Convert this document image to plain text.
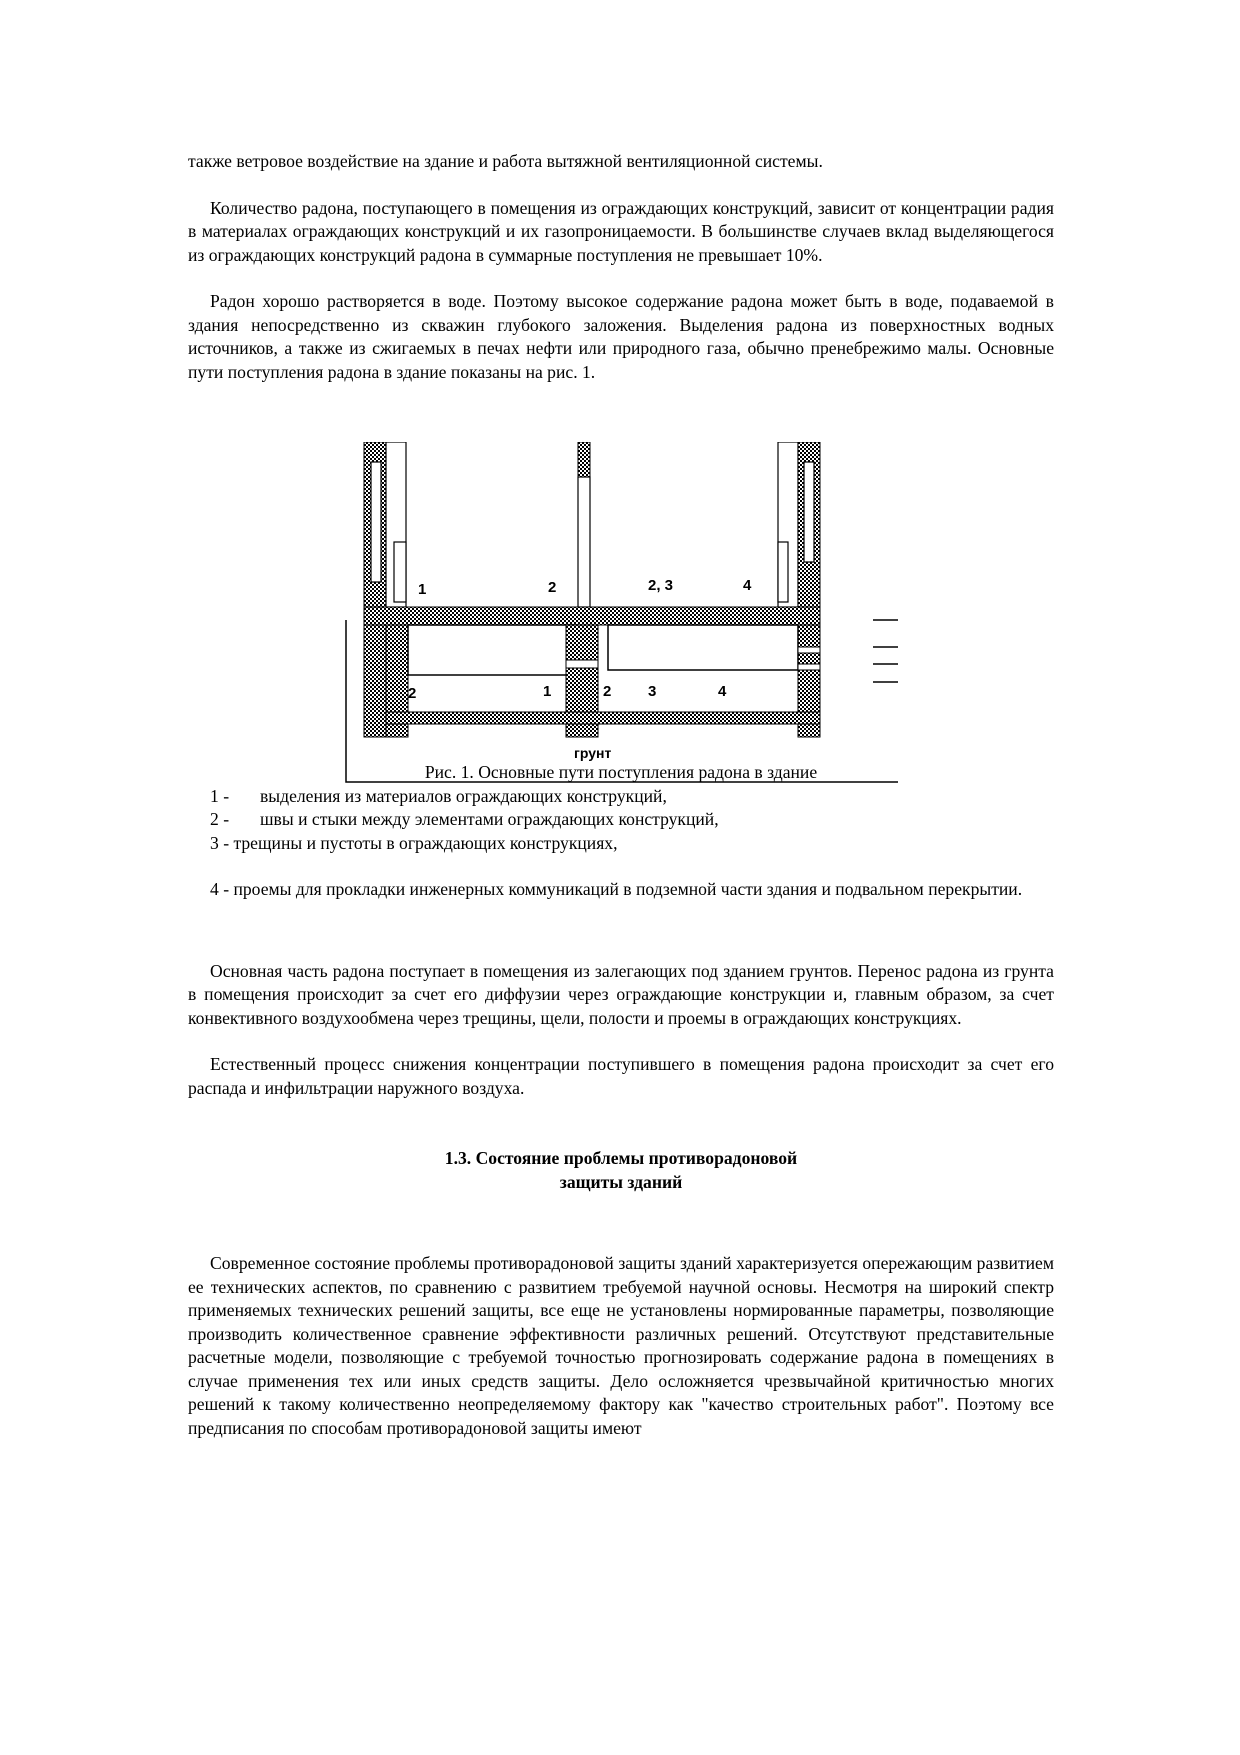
также ветровое воздействие на здание и работа вытяжной вентиляционной системы.

Количество радона, поступающего в помещения из ограждающих конструкций, зависит от концентрации радия в материалах ограждающих конструкций и их газопроницаемости. В большинстве случаев вклад выделяющегося из ограждающих конструкций радона в суммарные поступления не превышает 10%.

Радон хорошо растворяется в воде. Поэтому высокое содержание радона может быть в воде, подаваемой в здания непосредственно из скважин глубокого заложения. Выделения радона из поверхностных водных источников, а также из сжигаемых в печах нефти или природного газа, обычно пренебрежимо малы. Основные пути поступления радона в здание показаны на рис. 1.

1	2	2, 3	4
2	1	2 3	4
грунт

Рис. 1. Основные пути поступления радона в здание

1 - выделения из материалов ограждающих конструкций,

2 - швы и стыки между элементами ограждающих конструкций,

3 - трещины и пустоты в ограждающих конструкциях,

4 - проемы для прокладки инженерных коммуникаций в подземной части здания и подвальном перекрытии.

Основная часть радона поступает в помещения из залегающих под зданием грунтов. Перенос радона из грунта в помещения происходит за счет его диффузии через ограждающие конструкции и, главным образом, за счет конвективного воздухообмена через трещины, щели, полости и проемы в ограждающих конструкциях.

Естественный процесс снижения концентрации поступившего в помещения радона происходит за счет его распада и инфильтрации наружного воздуха.

1.3. Состояние проблемы противорадоновой

защиты зданий

Современное состояние проблемы противорадоновой защиты зданий характеризуется опережающим развитием ее технических аспектов, по сравнению с развитием требуемой научной основы. Несмотря на широкий спектр применяемых технических решений защиты, все еще не установлены нормированные параметры, позволяющие производить количественное сравнение эффективности различных решений. Отсутствуют представительные расчетные модели, позволяющие с требуемой точностью прогнозировать содержание радона в помещениях в случае применения тех или иных средств защиты. Дело осложняется чрезвычайной критичностью многих решений к такому количественно неопределяемому фактору как "качество строительных работ". Поэтому все предписания по способам противорадоновой защиты имеют
